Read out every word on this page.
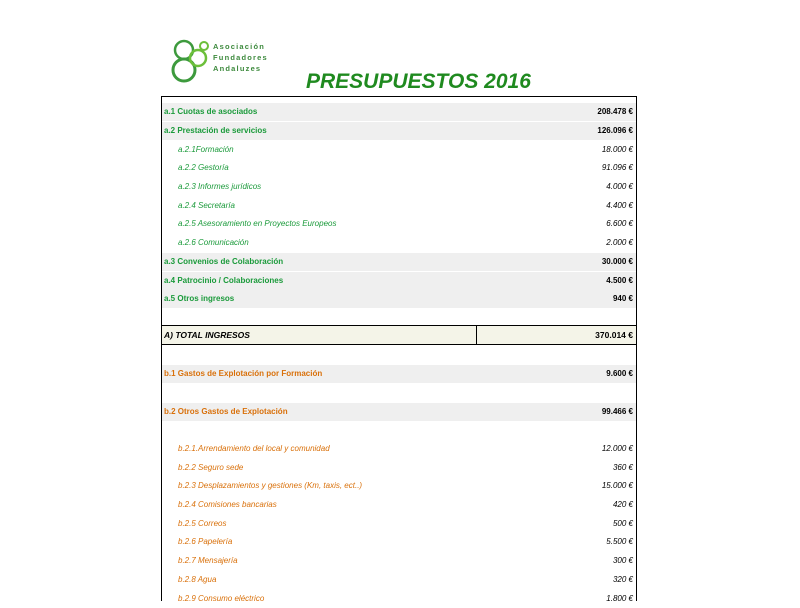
Asociación
Fundadores
Andaluzes
PRESUPUESTOS 2016
a.1 Cuotas de asociados	208.478 €
a.2 Prestación de servicios	126.096 €
a.2.1Formación	18.000 €
a.2.2 Gestoría	91.096 €
a.2.3 Informes jurídicos	4.000 €
a.2.4 Secretaría	4.400 €
a.2.5 Asesoramiento en Proyectos Europeos	6.600 €
a.2.6 Comunicación	2.000 €
a.3 Convenios de Colaboración	30.000 €
a.4 Patrocinio / Colaboraciones	4.500 €
a.5 Otros ingresos	940 €
A) TOTAL INGRESOS	370.014 €
b.1 Gastos de Explotación por Formación	9.600 €
b.2 Otros Gastos de Explotación	99.466 €
b.2.1.Arrendamiento del local y comunidad	12.000 €
b.2.2 Seguro sede	360 €
b.2.3 Desplazamientos y gestiones (Km, taxis, ect..)	15.000 €
b.2.4 Comisiones bancarias	420 €
b.2.5 Correos	500 €
b.2.6 Papelería	5.500 €
b.2.7 Mensajería	300 €
b.2.8 Agua	320 €
b.2.9 Consumo eléctrico	1.800 €
